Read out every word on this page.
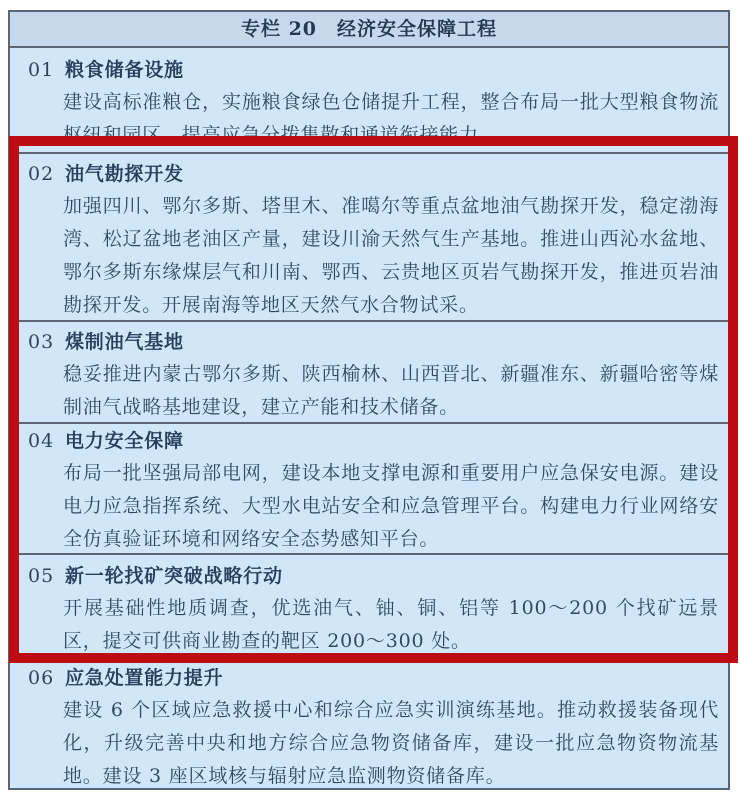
专栏 20　经济安全保障工程
01 粮食储备设施
建设高标准粮仓，实施粮食绿色仓储提升工程，整合布局一批大型粮食物流枢纽和园区，提高应急分拨集散和通道衔接能力。
02 油气勘探开发
加强四川、鄂尔多斯、塔里木、准噶尔等重点盆地油气勘探开发，稳定渤海湾、松辽盆地老油区产量，建设川渝天然气生产基地。推进山西沁水盆地、鄂尔多斯东缘煤层气和川南、鄂西、云贵地区页岩气勘探开发，推进页岩油勘探开发。开展南海等地区天然气水合物试采。
03 煤制油气基地
稳妥推进内蒙古鄂尔多斯、陕西榆林、山西晋北、新疆准东、新疆哈密等煤制油气战略基地建设，建立产能和技术储备。
04 电力安全保障
布局一批坚强局部电网，建设本地支撑电源和重要用户应急保安电源。建设电力应急指挥系统、大型水电站安全和应急管理平台。构建电力行业网络安全仿真验证环境和网络安全态势感知平台。
05 新一轮找矿突破战略行动
开展基础性地质调查，优选油气、铀、铜、铝等 100～200 个找矿远景区，提交可供商业勘查的靶区 200～300 处。
06 应急处置能力提升
建设 6 个区域应急救援中心和综合应急实训演练基地。推动救援装备现代化，升级完善中央和地方综合应急物资储备库，建设一批应急物资物流基地。建设 3 座区域核与辐射应急监测物资储备库。
